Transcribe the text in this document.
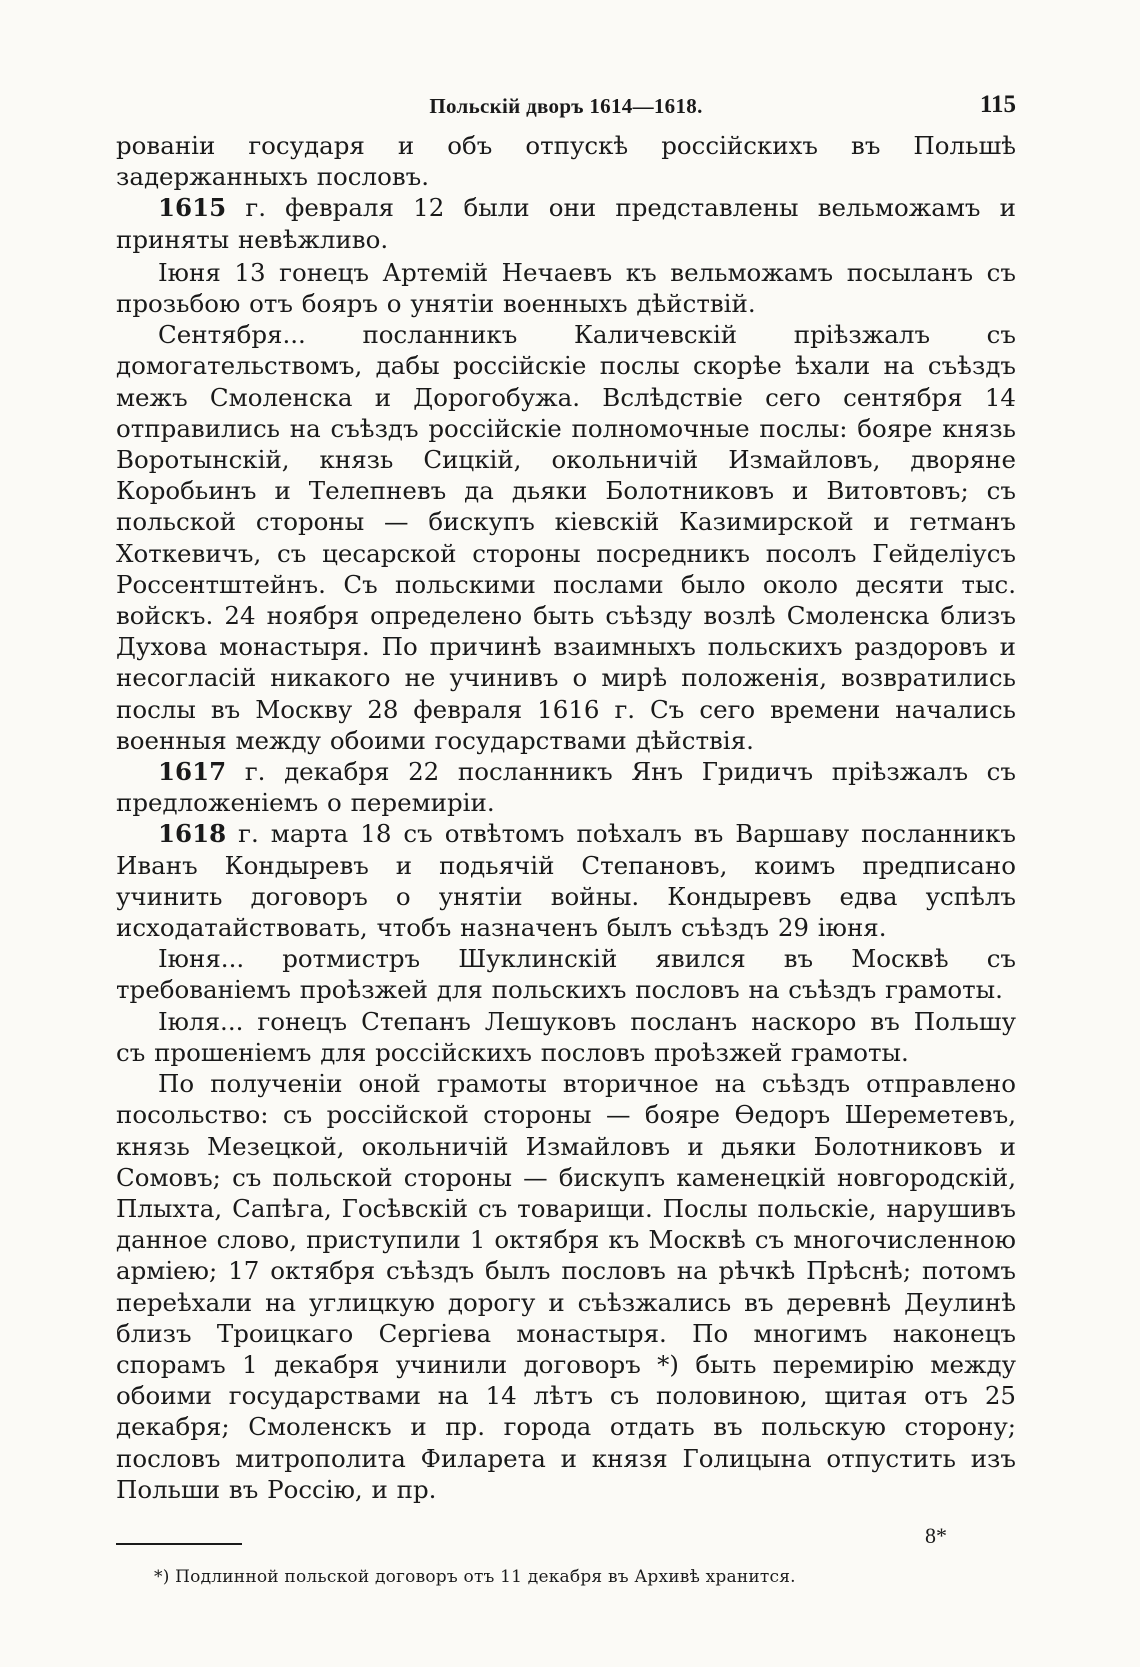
Польскій дворъ 1614—1618.	115

рованіи государя и объ отпускѣ россійскихъ въ Польшѣ задержанныхъ пословъ.

1615 г. февраля 12 были они представлены вельможамъ и приняты невѣжливо.

Іюня 13 гонецъ Артемій Нечаевъ къ вельможамъ посыланъ съ прозьбою отъ бояръ о унятіи военныхъ дѣйствій.

Сентября... посланникъ Каличевскій пріѣзжалъ съ домогательствомъ, дабы россійскіе послы скорѣе ѣхали на съѣздъ межъ Смоленска и Дорогобужа. Вслѣдствіе сего сентября 14 отправились на съѣздъ россійскіе полномочные послы: бояре князь Воротынскій, князь Сицкій, окольничій Измайловъ, дворяне Коробьинъ и Телепневъ да дьяки Болотниковъ и Витовтовъ; съ польской стороны — бискупъ кіевскій Казимирской и гетманъ Хоткевичъ, съ цесарской стороны посредникъ посолъ Гейделіусъ Россентштейнъ. Съ польскими послами было около десяти тыс. войскъ. 24 ноября определено быть съѣзду возлѣ Смоленска близъ Духова монастыря. По причинѣ взаимныхъ польскихъ раздоровъ и несогласій никакого не учинивъ о мирѣ положенія, возвратились послы въ Москву 28 февраля 1616 г. Съ сего времени начались военныя между обоими государствами дѣйствія.

1617 г. декабря 22 посланникъ Янъ Гридичъ пріѣзжалъ съ предложеніемъ о перемиріи.

1618 г. марта 18 съ отвѣтомъ поѣхалъ въ Варшаву посланникъ Иванъ Кондыревъ и подьячій Степановъ, коимъ предписано учинить договоръ о унятіи войны. Кондыревъ едва успѣлъ исходатайствовать, чтобъ назначенъ былъ съѣздъ 29 іюня.

Іюня... ротмистръ Шуклинскій явился въ Москвѣ съ требованіемъ проѣзжей для польскихъ пословъ на съѣздъ грамоты.

Іюля... гонецъ Степанъ Лешуковъ посланъ наскоро въ Польшу съ прошеніемъ для россійскихъ пословъ проѣзжей грамоты.

По полученіи оной грамоты вторичное на съѣздъ отправлено посольство: съ россійской стороны — бояре Ѳедоръ Шереметевъ, князь Мезецкой, окольничій Измайловъ и дьяки Болотниковъ и Сомовъ; съ польской стороны — бискупъ каменецкій новгородскій, Плыхта, Сапѣга, Госѣвскій съ товарищи. Послы польскіе, нарушивъ данное слово, приступили 1 октября къ Москвѣ съ многочисленною арміею; 17 октября съѣздъ былъ пословъ на рѣчкѣ Прѣснѣ; потомъ переѣхали на углицкую дорогу и съѣзжались въ деревнѣ Деулинѣ близъ Троицкаго Сергіева монастыря. По многимъ наконецъ спорамъ 1 декабря учинили договоръ *) быть перемирію между обоими государствами на 14 лѣтъ съ половиною, щитая отъ 25 декабря; Смоленскъ и пр. города отдать въ польскую сторону; пословъ митрополита Филарета и князя Голицына отпустить изъ Польши въ Россію, и пр.

*) Подлинной польской договоръ отъ 11 декабря въ Архивѣ хранится.
8*
